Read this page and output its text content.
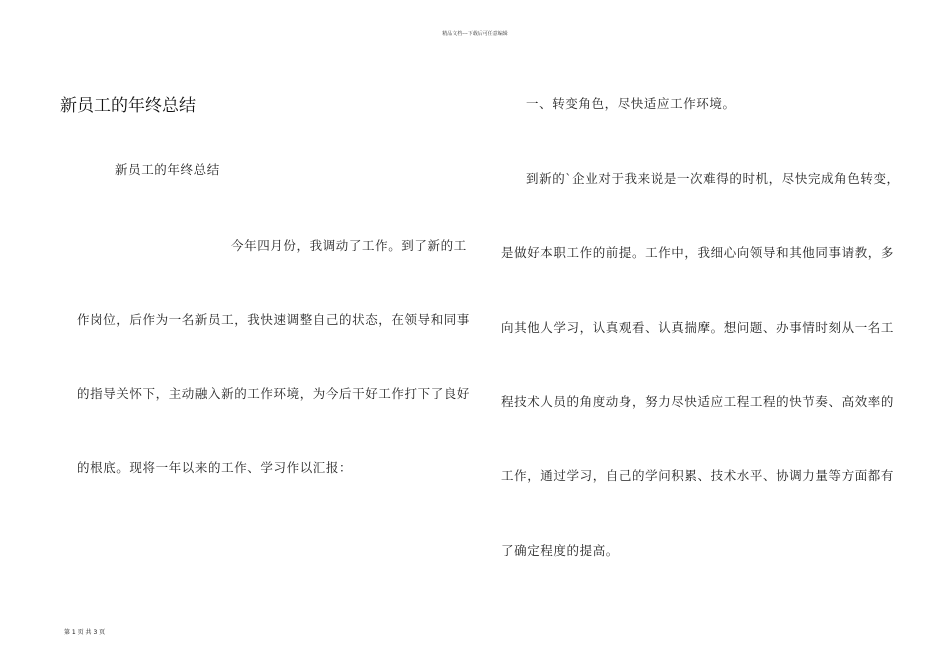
精品文档---下载后可任意编辑
新员工的年终总结
新员工的年终总结
今年四月份，我调动了工作。到了新的工
作岗位，后作为一名新员工，我快速调整自己的状态，在领导和同事
的指导关怀下，主动融入新的工作环境，为今后干好工作打下了良好
的根底。现将一年以来的工作、学习作以汇报：
一、转变角色，尽快适应工作环境。
到新的`企业对于我来说是一次难得的时机，尽快完成角色转变，
是做好本职工作的前提。工作中，我细心向领导和其他同事请教，多
向其他人学习，认真观看、认真揣摩。想问题、办事情时刻从一名工
程技术人员的角度动身，努力尽快适应工程工程的快节奏、高效率的
工作，通过学习，自己的学问积累、技术水平、协调力量等方面都有
了确定程度的提高。
第 1 页 共 3 页
